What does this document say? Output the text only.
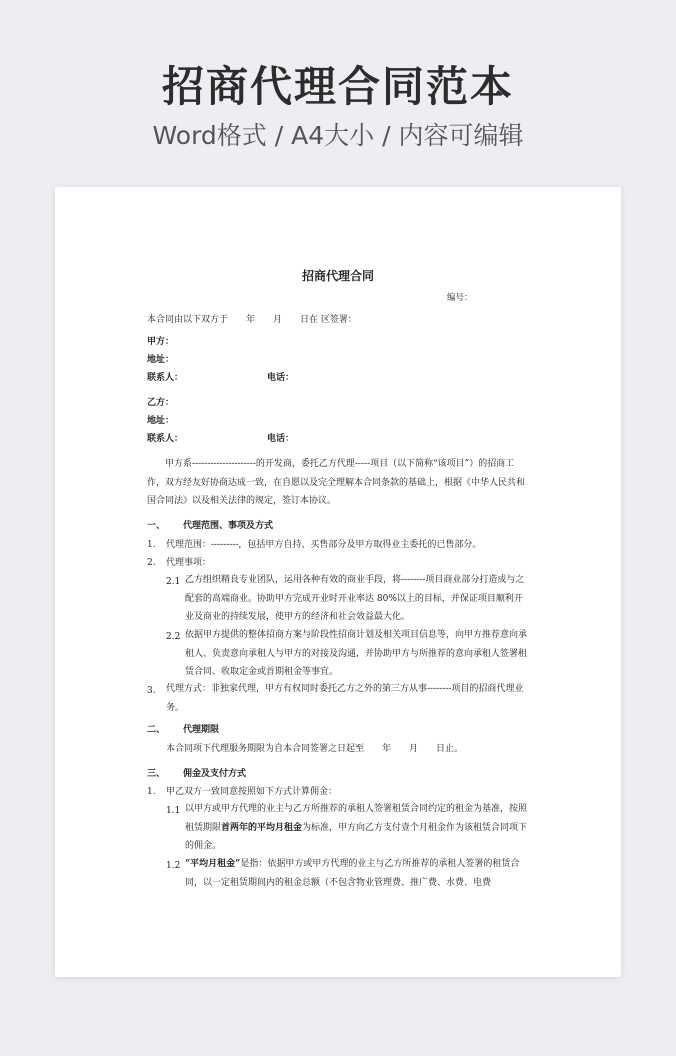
招商代理合同范本
Word格式 / A4大小 / 内容可编辑
招商代理合同
编号：
本合同由以下双方于　　年　　月　　日在 区签署：
甲方：
地址：
联系人：	电话：
乙方：
地址：
联系人：	电话：
甲方系---------------------的开发商，委托乙方代理-----项目（以下简称“该项目”）的招商工作，双方经友好协商达成一致，在自愿以及完全理解本合同条款的基础上，根据《中华人民共和国合同法》以及相关法律的规定，签订本协议。
一、 代理范围、事项及方式
1. 代理范围：---------，包括甲方自持、买售部分及甲方取得业主委托的已售部分。
2. 代理事项：
2.1 乙方组织精良专业团队，运用各种有效的商业手段，将--------项目商业部分打造成与之配套的高端商业。协助甲方完成开业时开业率达 80%以上的目标，并保证项目顺利开业及商业的持续发展，使甲方的经济和社会效益最大化。
2.2 依据甲方提供的整体招商方案与阶段性招商计划及相关项目信息等，向甲方推荐意向承租人、负责意向承租人与甲方的对接及沟通，并协助甲方与所推荐的意向承租人签署租赁合同、收取定金或首期租金等事宜。
3. 代理方式：非独家代理，甲方有权同时委托乙方之外的第三方从事--------项目的招商代理业务。
二、 代理期限
本合同项下代理服务期限为自本合同签署之日起至　　年　　月　　日止。
三、 佣金及支付方式
1. 甲乙双方一致同意按照如下方式计算佣金：
1.1 以甲方或甲方代理的业主与乙方所推荐的承租人签署租赁合同约定的租金为基准，按照租赁期限首两年的平均月租金为标准，甲方向乙方支付壹个月租金作为该租赁合同项下的佣金。
1.2 “平均月租金”是指：依据甲方或甲方代理的业主与乙方所推荐的承租人签署的租赁合同，以一定租赁期间内的租金总额（不包含物业管理费、推广费、水费、电费
